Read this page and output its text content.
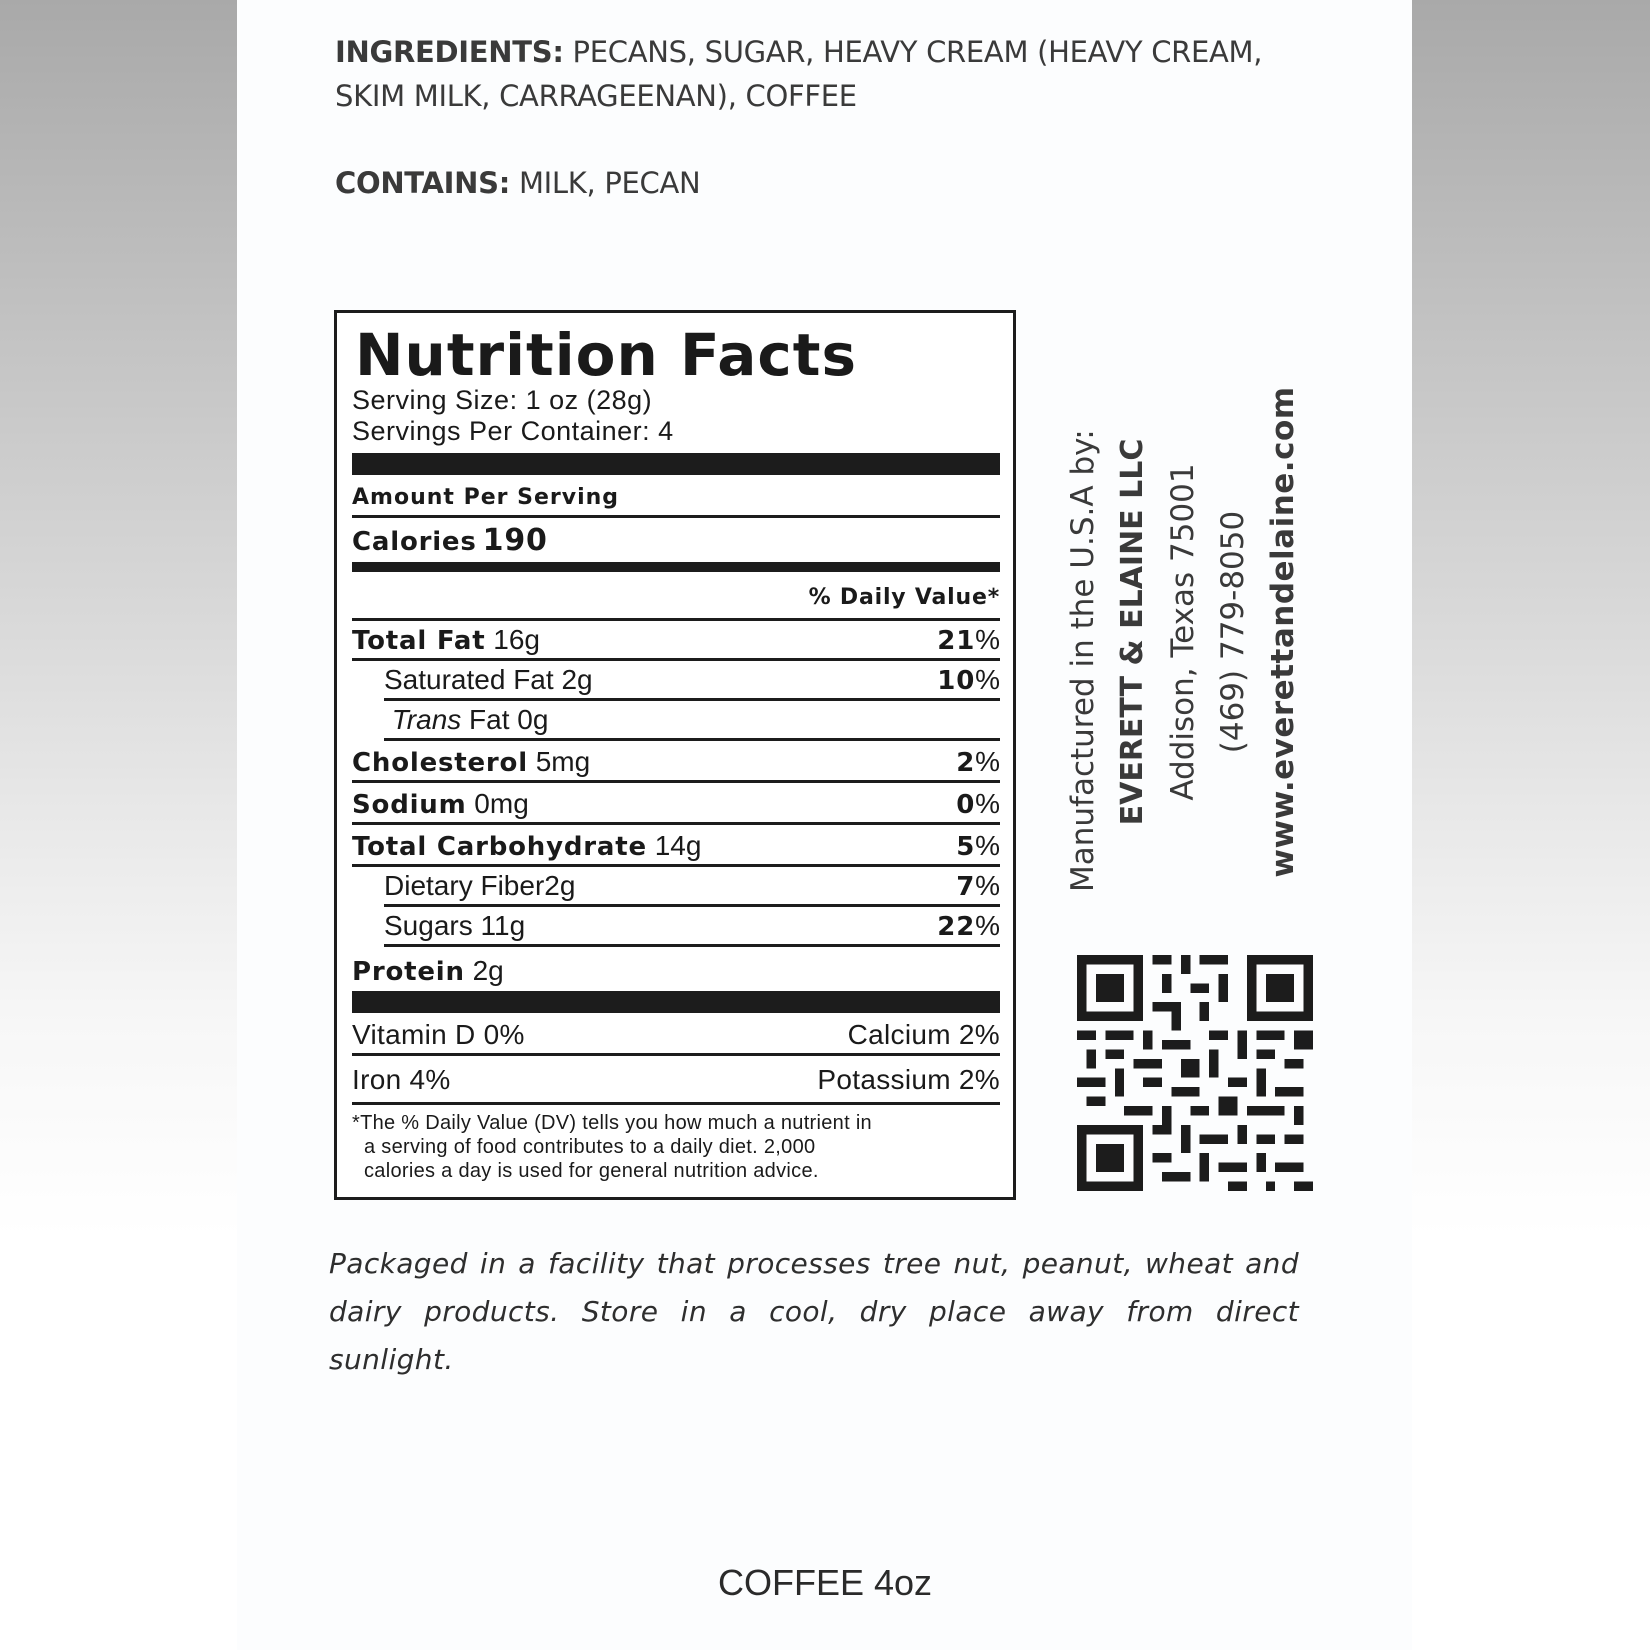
INGREDIENTS: PECANS, SUGAR, HEAVY CREAM (HEAVY CREAM, SKIM MILK, CARRAGEENAN), COFFEE
CONTAINS: MILK, PECAN
Nutrition Facts
Serving Size: 1 oz (28g)
Servings Per Container: 4
Amount Per Serving
Calories 190
% Daily Value*
Total Fat 16g	21%
Saturated Fat 2g	10%
Trans Fat 0g
Cholesterol 5mg	2%
Sodium 0mg	0%
Total Carbohydrate 14g	5%
Dietary Fiber2g	7%
Sugars 11g	22%
Protein 2g
Vitamin D 0%	Calcium 2%
Iron 4%	Potassium 2%
*The % Daily Value (DV) tells you how much a nutrient in
a serving of food contributes to a daily diet. 2,000
calories a day is used for general nutrition advice.
Packaged in a facility that processes tree nut, peanut, wheat and dairy products. Store in a cool, dry place away from direct sunlight.
Manufactured in the U.S.A by: EVERETT & ELAINE LLC Addison, Texas 75001 (469) 779-8050 www.everettandelaine.com
COFFEE 4oz
